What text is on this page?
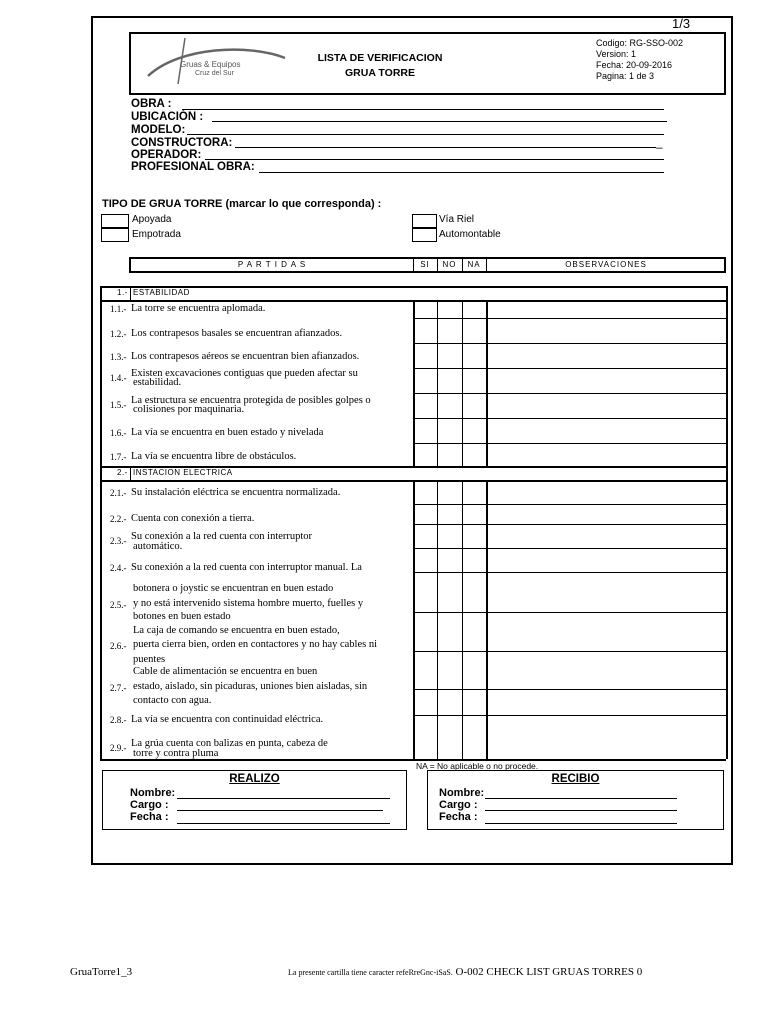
1/3
Gruas & Equipos
Cruz del Sur
LISTA DE VERIFICACION
GRUA TORRE
Codigo: RG-SSO-002
Version: 1
Fecha: 20-09-2016
Pagina: 1 de 3
OBRA :
UBICACIÓN :
MODELO:
CONSTRUCTORA:	_
OPERADOR:
PROFESIONAL OBRA:
TIPO DE GRUA TORRE (marcar lo que corresponda) :
Apoyada
Empotrada
Vía Riel
Automontable
P A R T I D A S	SI	NO	NA	OBSERVACIONES
1.- ESTABILIDAD
1.1.- La torre se encuentra aplomada.
1.2.- Los contrapesos basales se encuentran afianzados.
1.3.- Los contrapesos aéreos se encuentran bien afianzados.
1.4.- Existen excavaciones contiguas que pueden afectar su
estabilidad.
1.5.- La estructura se encuentra protegida de posibles golpes o
colisiones por maquinaria.
1.6.- La vía se encuentra en buen estado y nivelada
1.7.- La vía se encuentra libre de obstáculos.
2.- INSTACION ELECTRICA
2.1.- Su instalación eléctrica se encuentra normalizada.
2.2.- Cuenta con conexión a tierra.
2.3.- Su conexión a la red cuenta con interruptor
automático.
2.4.- Su conexión a la red cuenta con interruptor manual. La
2.5.-
botonera o joystic se encuentran en buen estado
y no está intervenido sistema hombre muerto, fuelles y
botones en buen estado
2.6.-
La caja de comando se encuentra en buen estado,
puerta cierra bien, orden en contactores y no hay cables ni
puentes
2.7.-
Cable de alimentación se encuentra en buen
estado, aislado, sin picaduras, uniones bien aisladas, sin
contacto con agua.
2.8.- La vía se encuentra con continuidad eléctrica.
2.9.- La grúa cuenta con balizas en punta, cabeza de
torre y contra pluma
NA = No aplicable o no procede.
REALIZO
Nombre:
Cargo :
Fecha :
RECIBIO
Nombre:
Cargo :
Fecha :
GruaTorre1_3	La presente cartilla tiene caracter refeRreGnc-iSaS. O-002 CHECK LIST GRUAS TORRES 0
